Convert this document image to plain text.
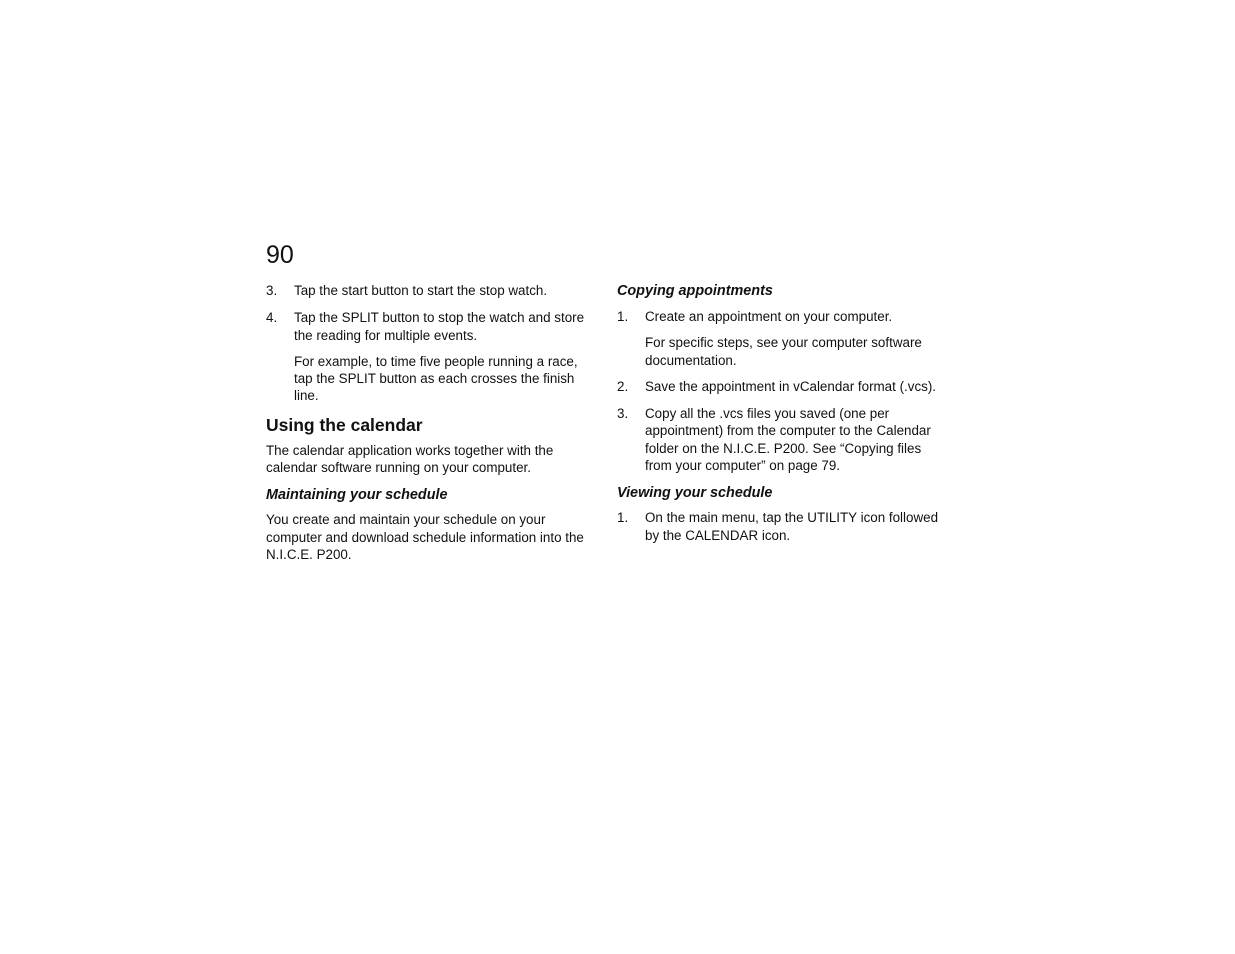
90
3. Tap the start button to start the stop watch.
4. Tap the SPLIT button to stop the watch and store the reading for multiple events.
For example, to time five people running a race, tap the SPLIT button as each crosses the finish line.
Using the calendar
The calendar application works together with the calendar software running on your computer.
Maintaining your schedule
You create and maintain your schedule on your computer and download schedule information into the N.I.C.E. P200.
Copying appointments
1. Create an appointment on your computer.
For specific steps, see your computer software documentation.
2. Save the appointment in vCalendar format (.vcs).
3. Copy all the .vcs files you saved (one per appointment) from the computer to the Calendar folder on the N.I.C.E. P200. See “Copying files from your computer” on page 79.
Viewing your schedule
1. On the main menu, tap the UTILITY icon followed by the CALENDAR icon.
